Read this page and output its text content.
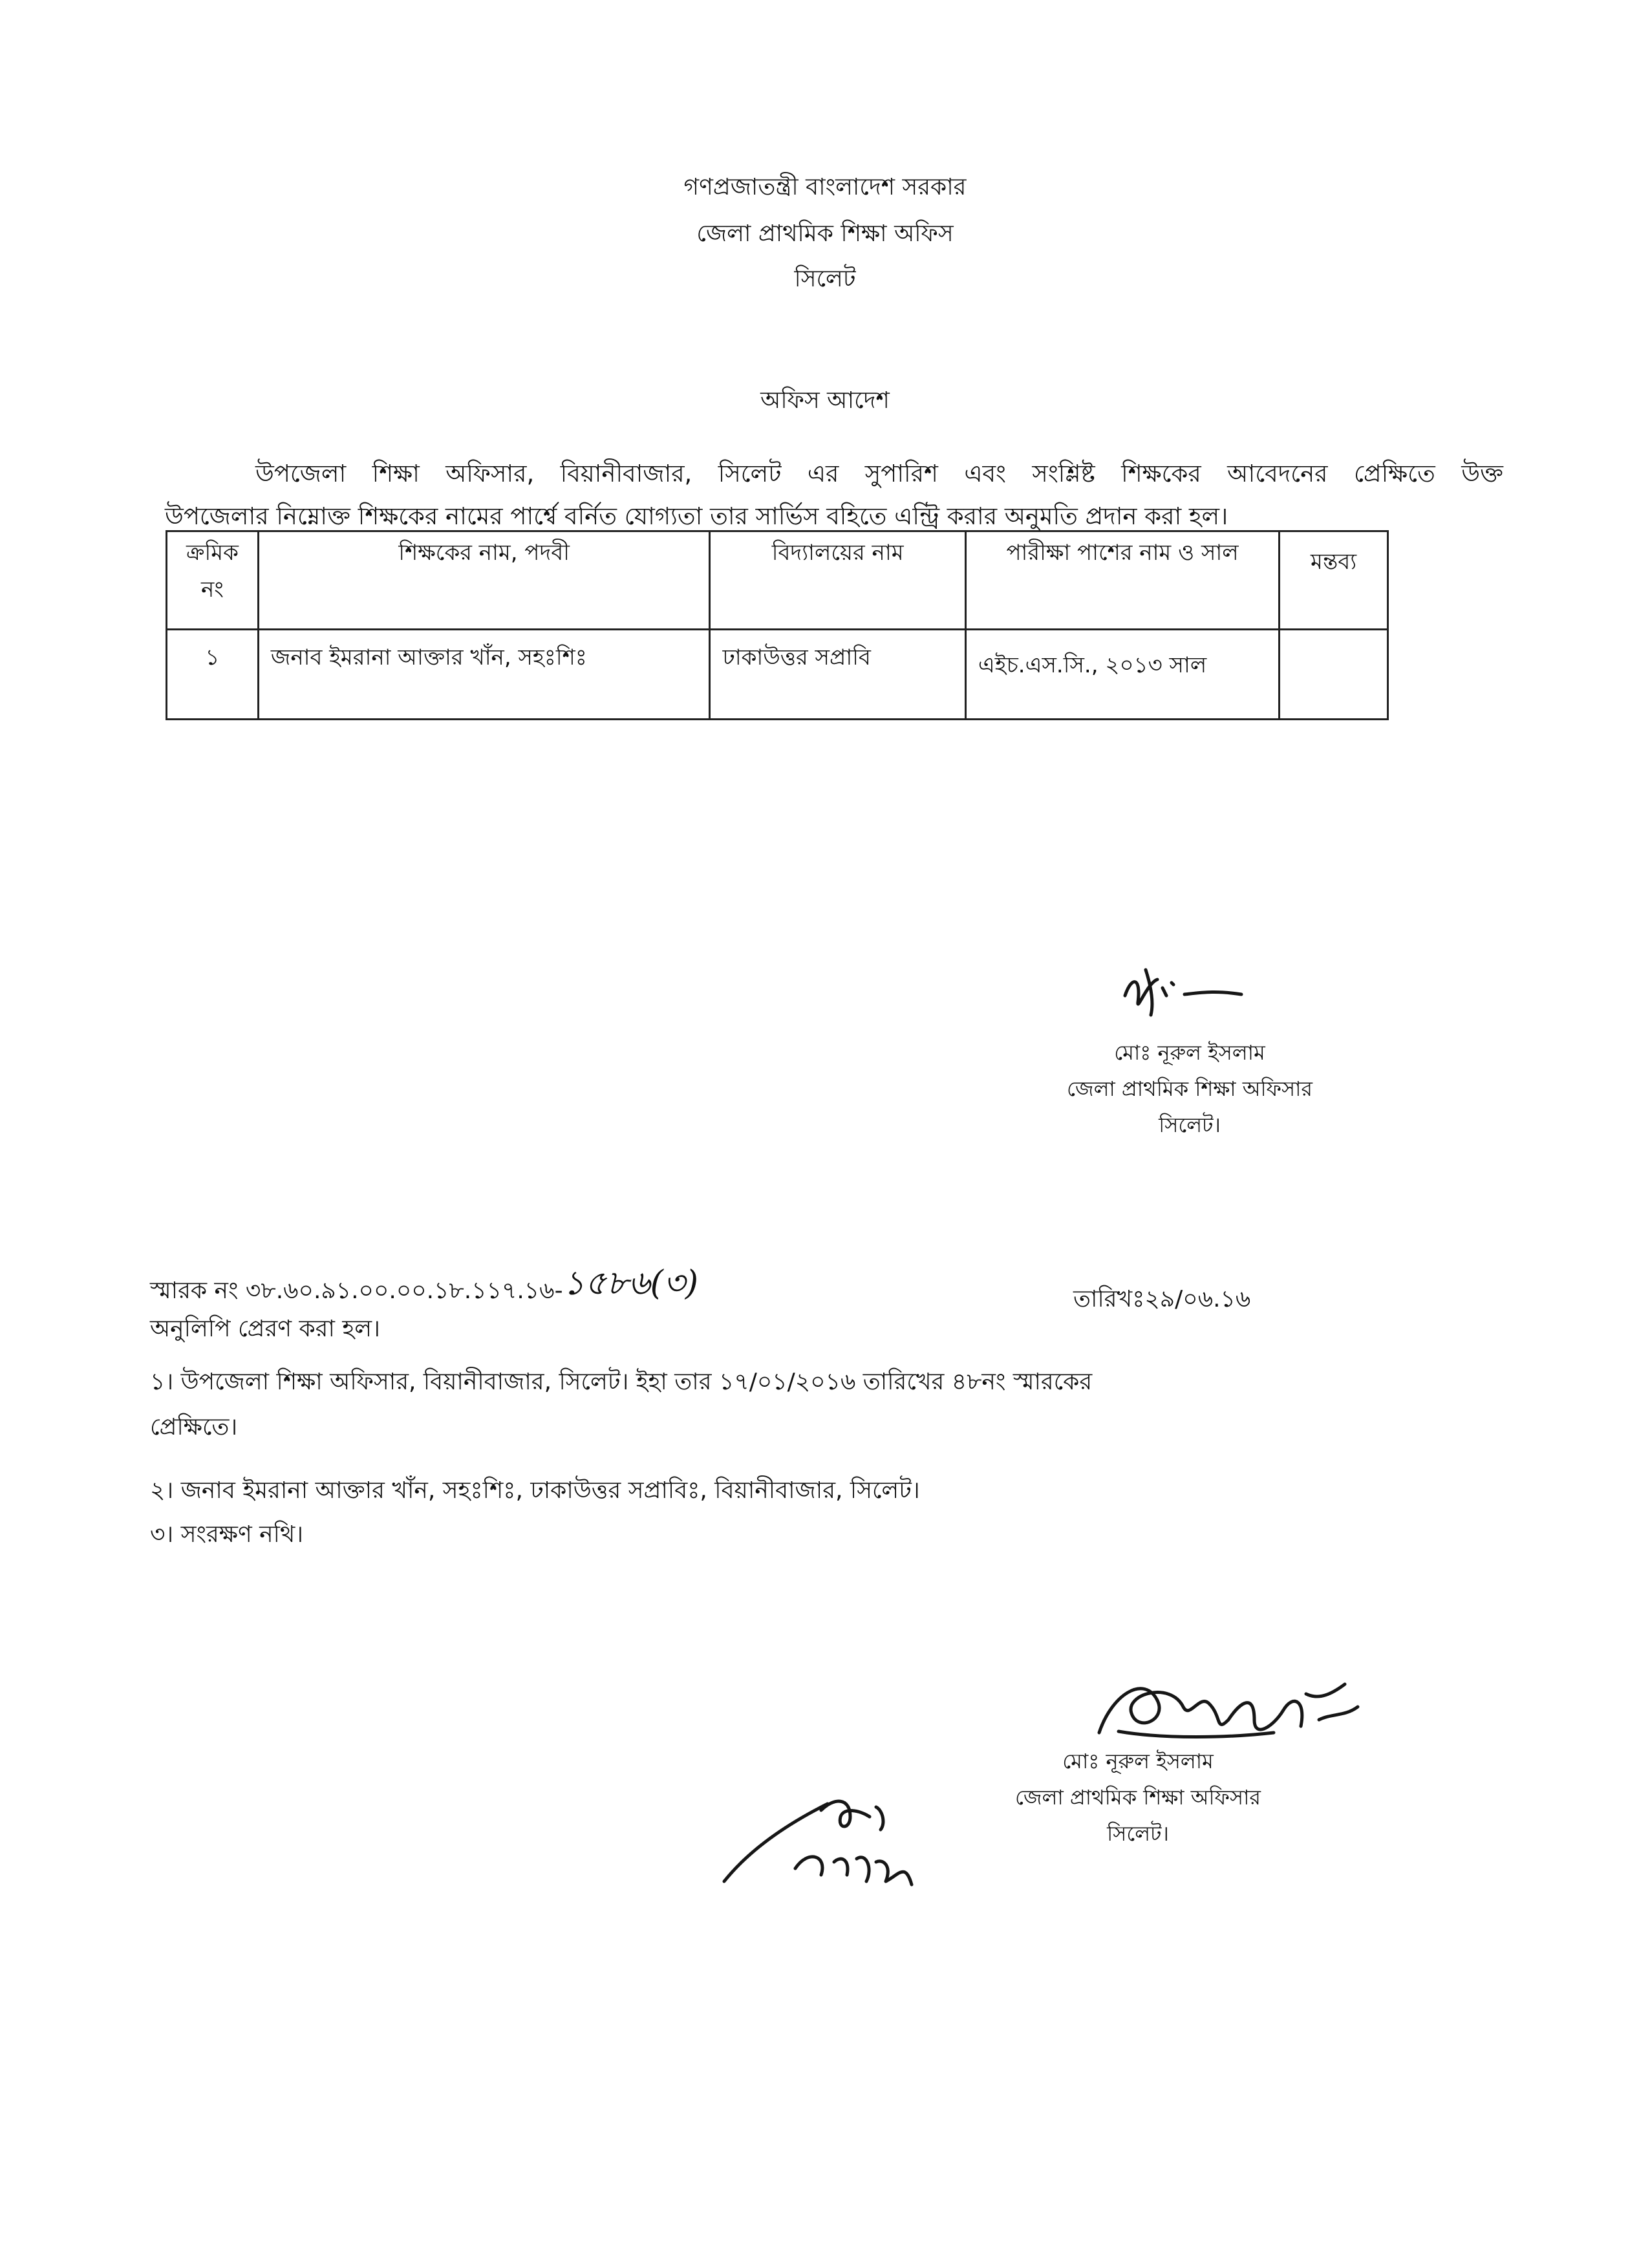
গণপ্রজাতন্ত্রী বাংলাদেশ সরকার
জেলা প্রাথমিক শিক্ষা অফিস
সিলেট
অফিস আদেশ
উপজেলা শিক্ষা অফিসার, বিয়ানীবাজার, সিলেট এর সুপারিশ এবং সংশ্লিষ্ট শিক্ষকের আবেদনের প্রেক্ষিতে উক্ত
উপজেলার নিম্নোক্ত শিক্ষকের নামের পার্শ্বে বর্নিত যোগ্যতা তার সার্ভিস বহিতে এন্ট্রি করার অনুমতি প্রদান করা হল।
ক্রমিক নং	শিক্ষকের নাম, পদবী	বিদ্যালয়ের নাম	পারীক্ষা পাশের নাম ও সাল	মন্তব্য
১	জনাব ইমরানা আক্তার খাঁন, সহঃশিঃ	ঢাকাউত্তর সপ্রাবি	এইচ.এস.সি., ২০১৩ সাল	
মোঃ নূরুল ইসলাম
জেলা প্রাথমিক শিক্ষা অফিসার
সিলেট।
স্মারক নং ৩৮.৬০.৯১.০০.০০.১৮.১১৭.১৬-১৫৮৬(৩)	তারিখঃ২৯/০৬.১৬
অনুলিপি প্রেরণ করা হল।
১। উপজেলা শিক্ষা অফিসার, বিয়ানীবাজার, সিলেট। ইহা তার ১৭/০১/২০১৬ তারিখের ৪৮নং স্মারকের
প্রেক্ষিতে।
২। জনাব ইমরানা আক্তার খাঁন, সহঃশিঃ, ঢাকাউত্তর সপ্রাবিঃ, বিয়ানীবাজার, সিলেট।
৩। সংরক্ষণ নথি।
মোঃ নূরুল ইসলাম
জেলা প্রাথমিক শিক্ষা অফিসার
সিলেট।
